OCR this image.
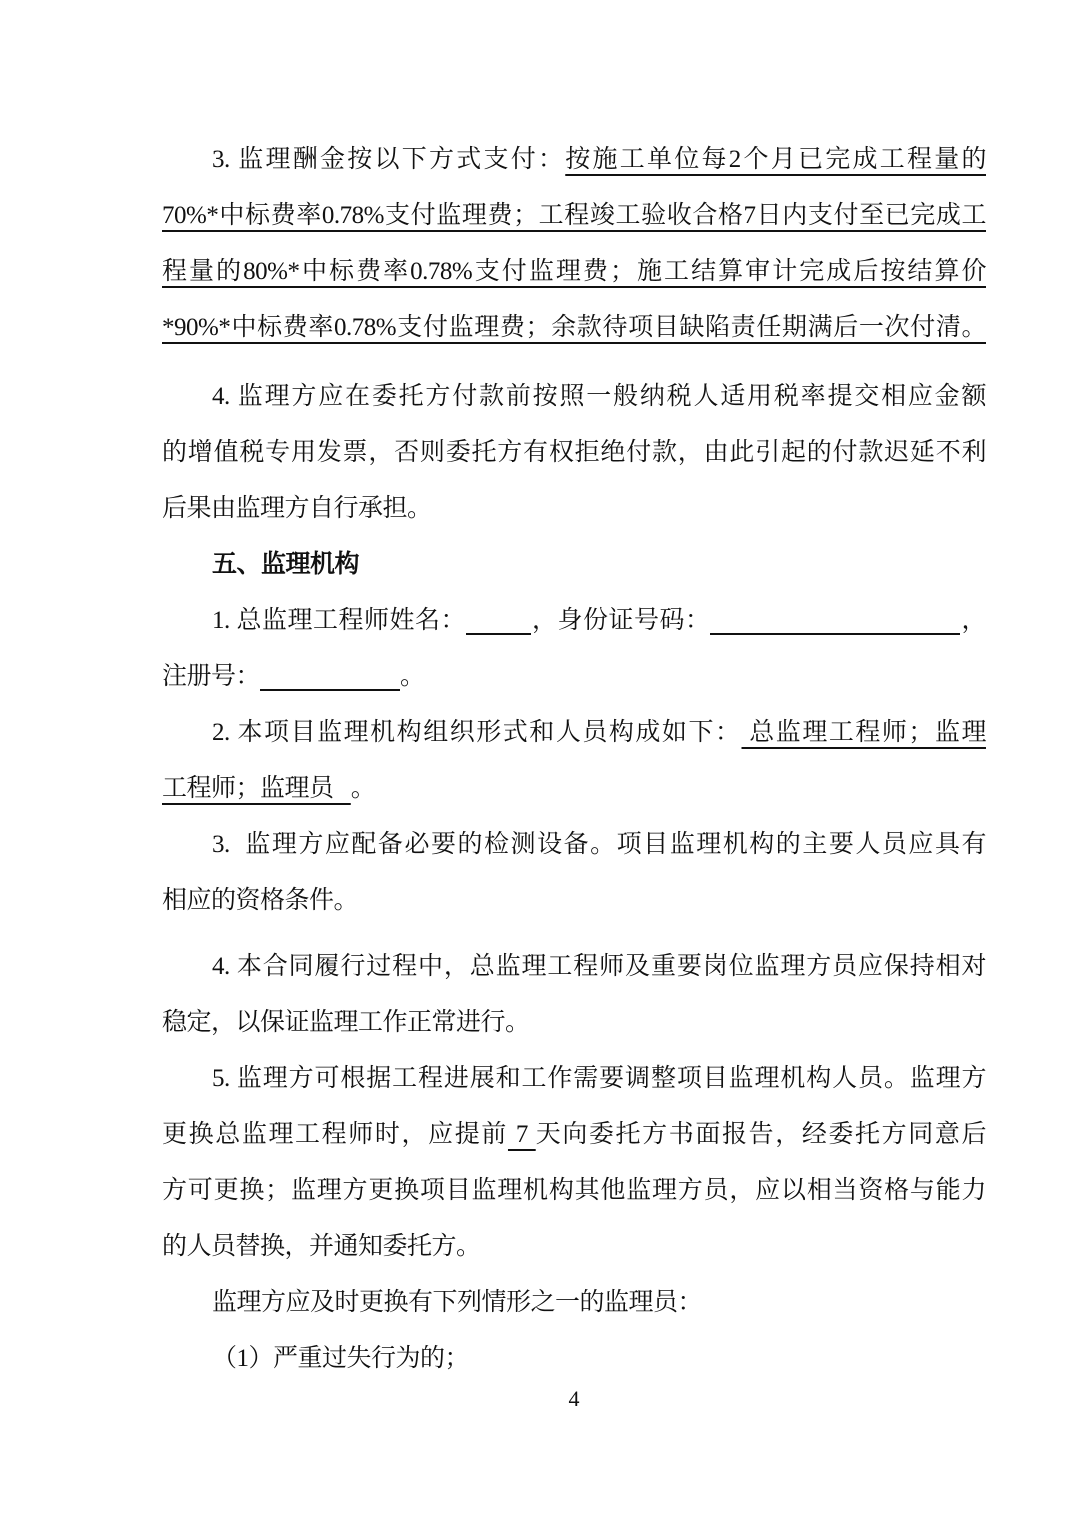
3. 监理酬金按以下方式支付：按施工单位每2个月已完成工程量的
70%*中标费率0.78%支付监理费；工程竣工验收合格7日内支付至已完成工
程量的80%*中标费率0.78%支付监理费；施工结算审计完成后按结算价
*90%*中标费率0.78%支付监理费；余款待项目缺陷责任期满后一次付清。
4. 监理方应在委托方付款前按照一般纳税人适用税率提交相应金额
的增值税专用发票，否则委托方有权拒绝付款，由此引起的付款迟延不利
后果由监理方自行承担。
五、监理机构
1. 总监理工程师姓名：	，身份证号码：	，
注册号：	。
2. 本项目监理机构组织形式和人员构成如下： 总监理工程师；监理
工程师；监理员   。
3.  监理方应配备必要的检测设备。项目监理机构的主要人员应具有
相应的资格条件。
4. 本合同履行过程中，总监理工程师及重要岗位监理方员应保持相对
稳定，以保证监理工作正常进行。
5. 监理方可根据工程进展和工作需要调整项目监理机构人员。监理方
更换总监理工程师时，应提前 7 天向委托方书面报告，经委托方同意后
方可更换；监理方更换项目监理机构其他监理方员，应以相当资格与能力
的人员替换，并通知委托方。
监理方应及时更换有下列情形之一的监理员：
（1）严重过失行为的；
4
